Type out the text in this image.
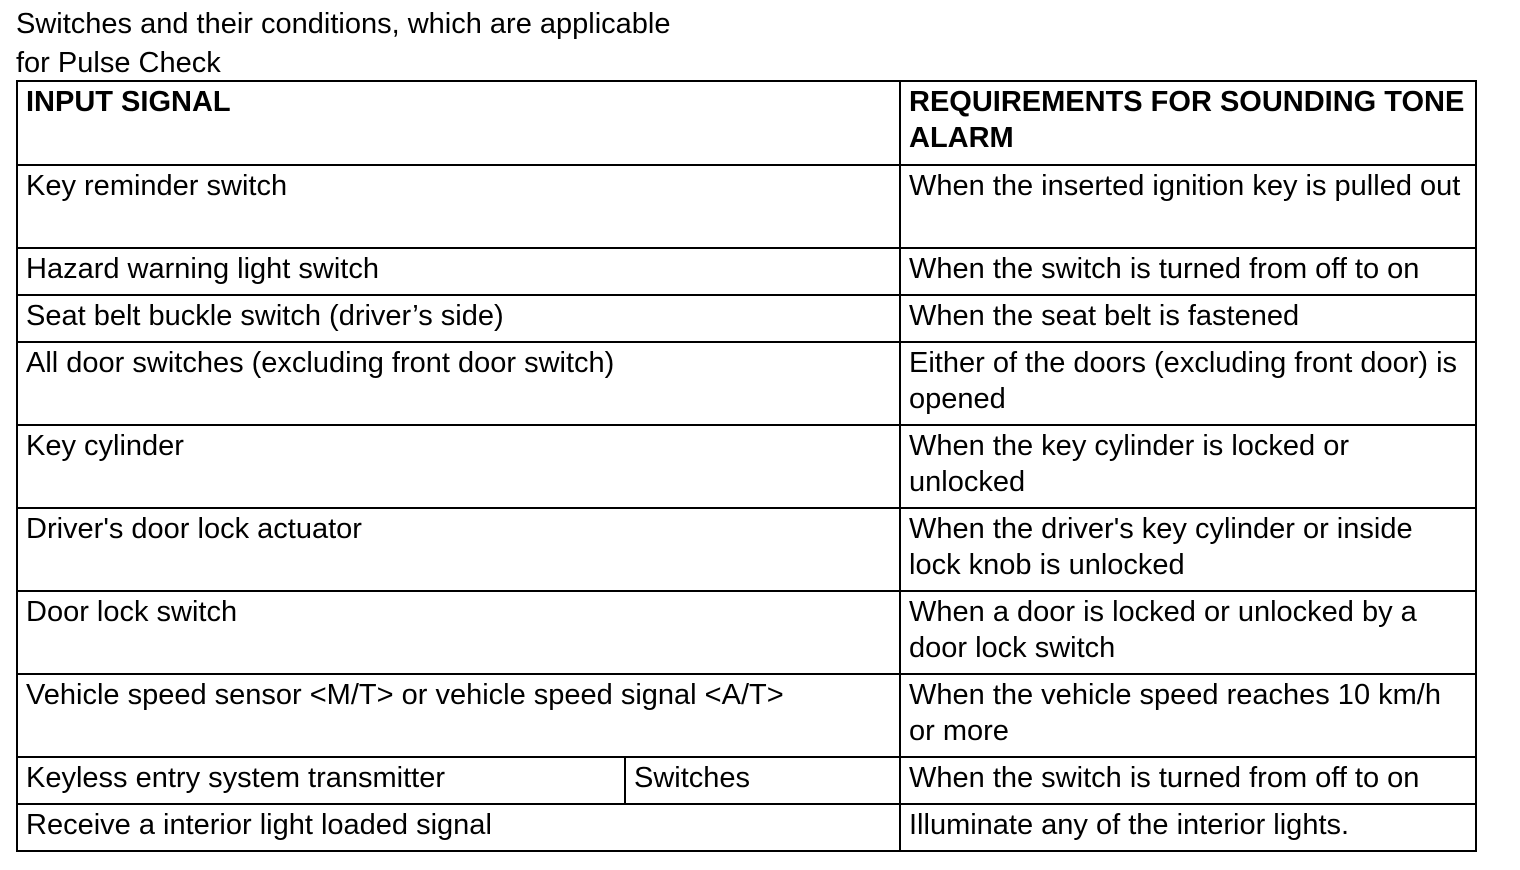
Switches and their conditions, which are applicable
for Pulse Check
INPUT SIGNAL		REQUIREMENTS FOR SOUNDING TONE ALARM
Key reminder switch		When the inserted ignition key is pulled out
Hazard warning light switch		When the switch is turned from off to on
Seat belt buckle switch (driver’s side)		When the seat belt is fastened
All door switches (excluding front door switch)		Either of the doors (excluding front door) is opened
Key cylinder		When the key cylinder is locked or unlocked
Driver's door lock actuator		When the driver's key cylinder or inside lock knob is unlocked
Door lock switch		When a door is locked or unlocked by a door lock switch
Vehicle speed sensor <M/T> or vehicle speed signal <A/T>		When the vehicle speed reaches 10 km/h or more
Keyless entry system transmitter	Switches	When the switch is turned from off to on
Receive a interior light loaded signal		Illuminate any of the interior lights.
